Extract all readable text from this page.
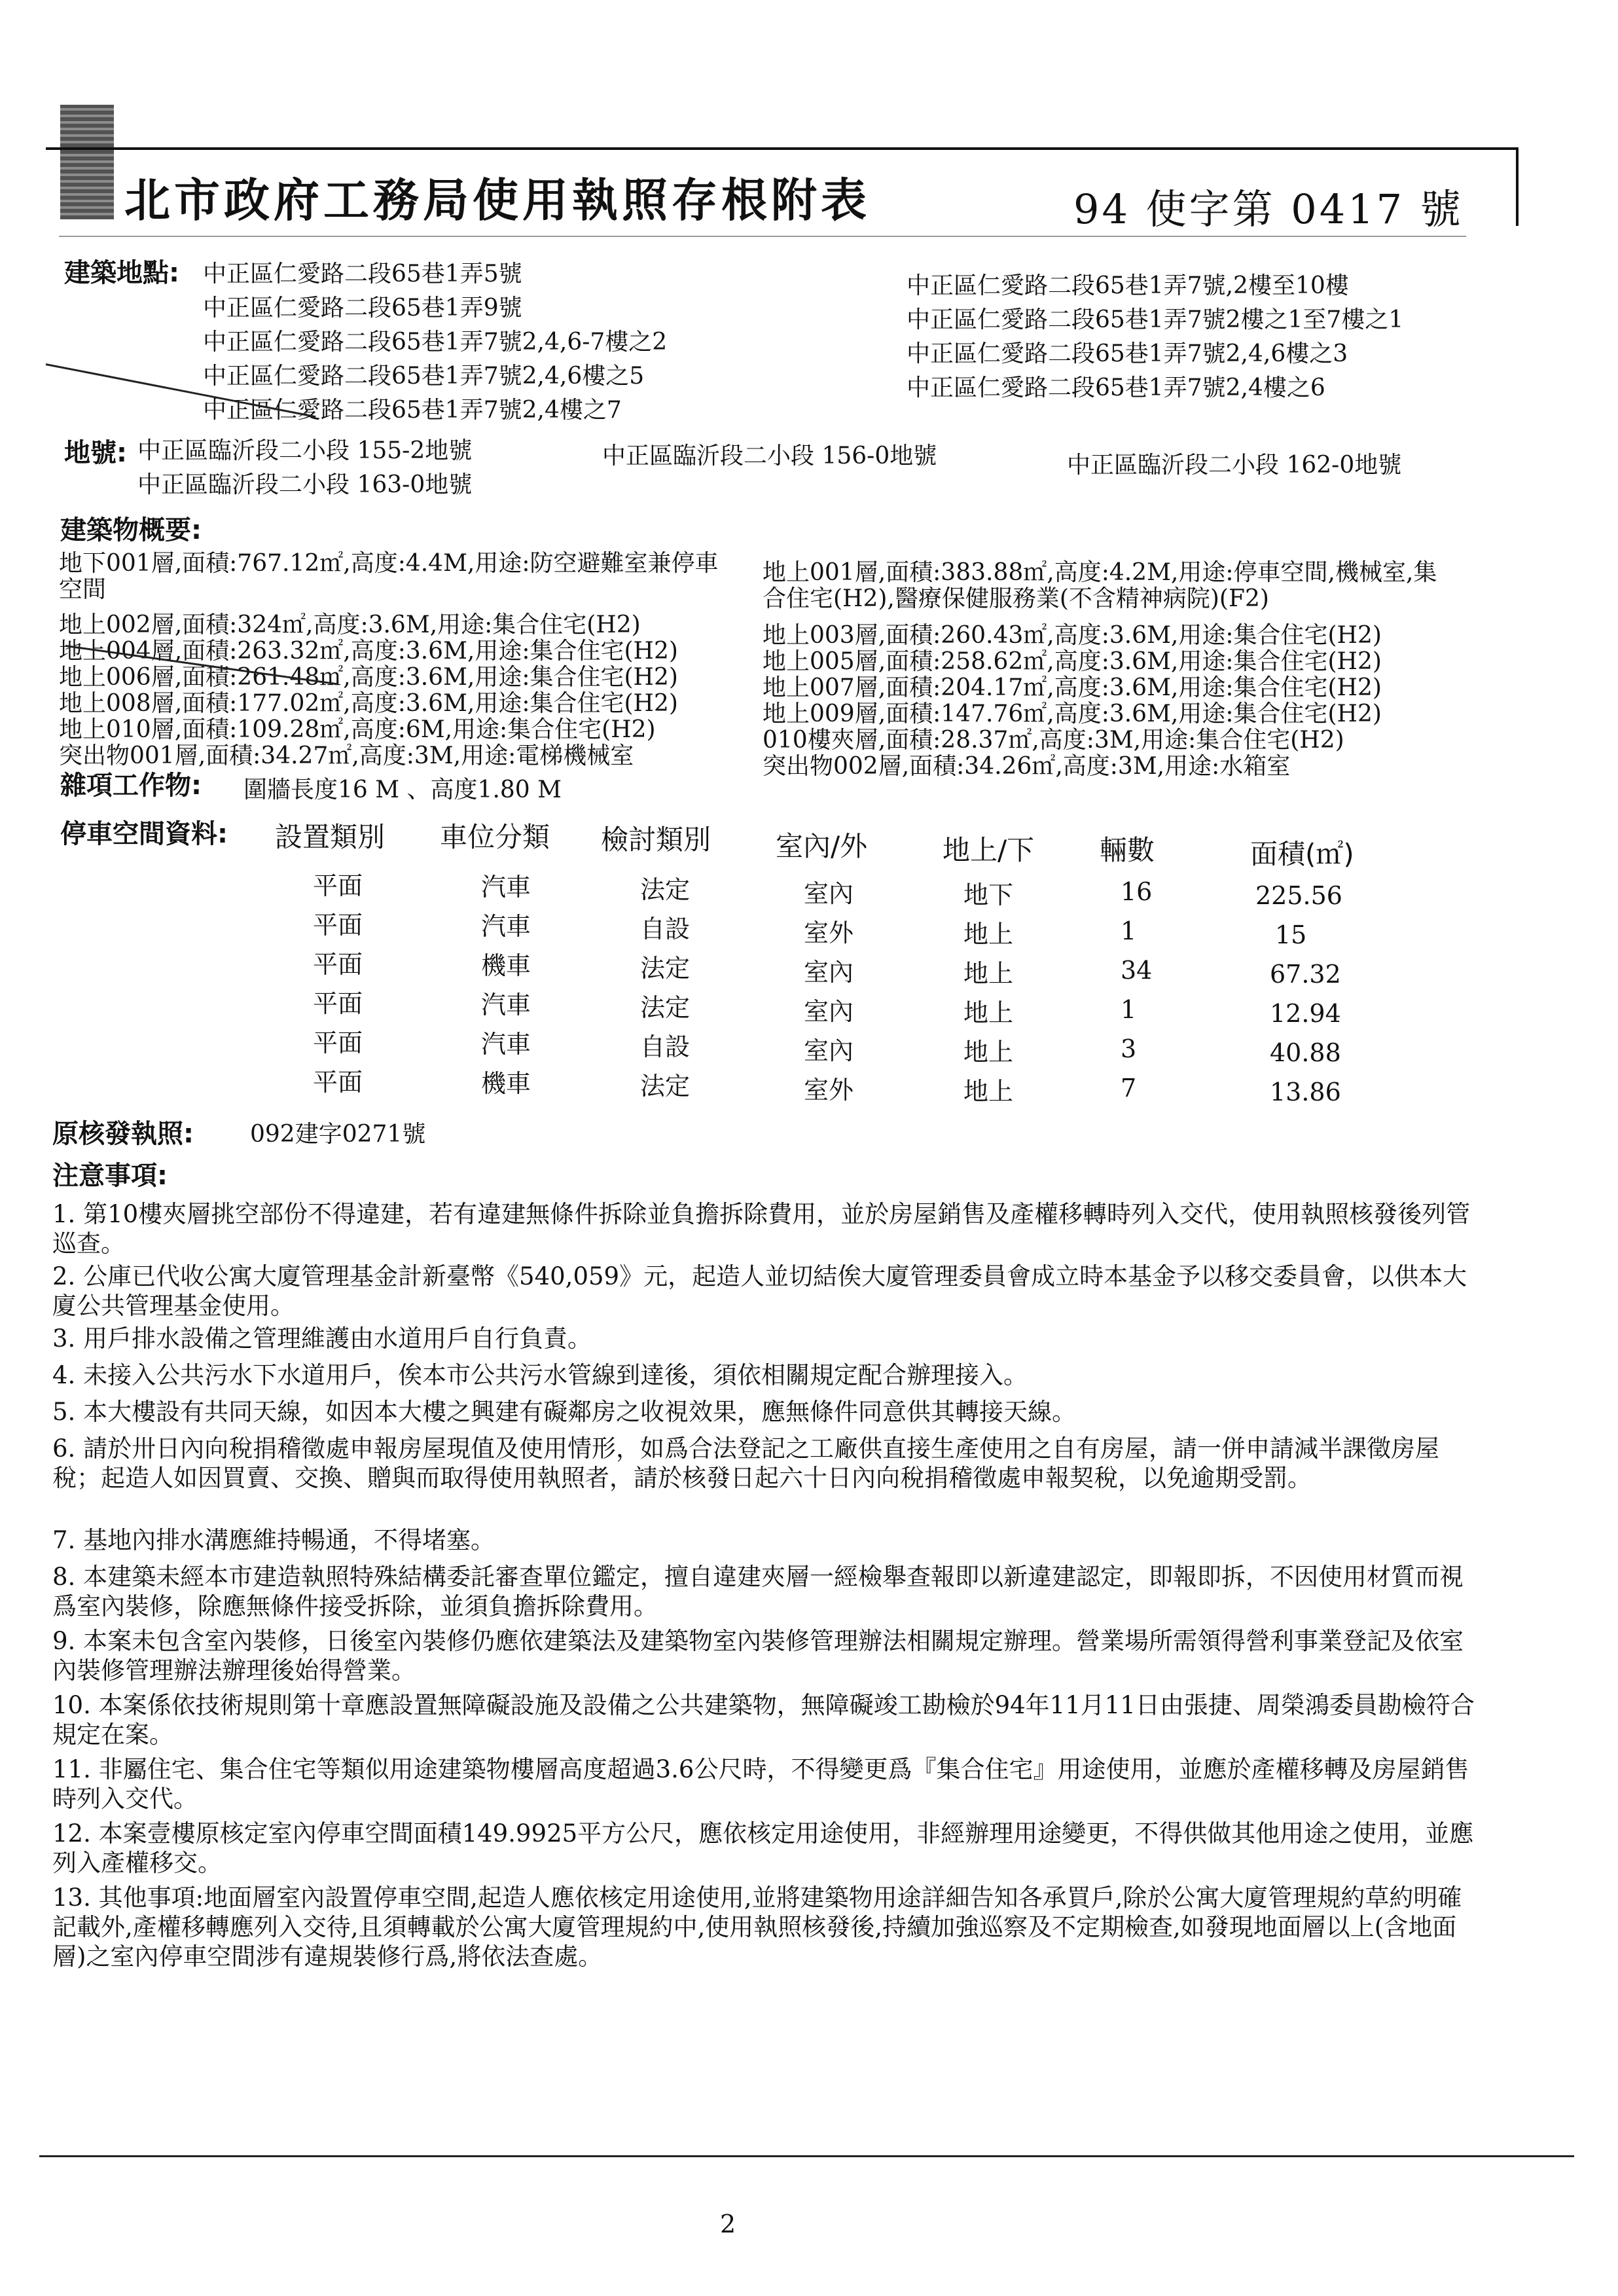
北市政府工務局使用執照存根附表	94 使字第 0417 號
建築地點: 中正區仁愛路二段65巷1弄5號
中正區仁愛路二段65巷1弄9號
中正區仁愛路二段65巷1弄7號2,4,6-7樓之2
中正區仁愛路二段65巷1弄7號2,4,6樓之5
中正區仁愛路二段65巷1弄7號2,4樓之7
中正區仁愛路二段65巷1弄7號,2樓至10樓
中正區仁愛路二段65巷1弄7號2樓之1至7樓之1
中正區仁愛路二段65巷1弄7號2,4,6樓之3
中正區仁愛路二段65巷1弄7號2,4樓之6
地號: 中正區臨沂段二小段 155-2地號	中正區臨沂段二小段 156-0地號	中正區臨沂段二小段 162-0地號
中正區臨沂段二小段 163-0地號
建築物概要:
地下001層,面積:767.12㎡,高度:4.4M,用途:防空避難室兼停車
空間
地上002層,面積:324㎡,高度:3.6M,用途:集合住宅(H2)
地上004層,面積:263.32㎡,高度:3.6M,用途:集合住宅(H2)
地上006層,面積:261.48㎡,高度:3.6M,用途:集合住宅(H2)
地上008層,面積:177.02㎡,高度:3.6M,用途:集合住宅(H2)
地上010層,面積:109.28㎡,高度:6M,用途:集合住宅(H2)
突出物001層,面積:34.27㎡,高度:3M,用途:電梯機械室
地上001層,面積:383.88㎡,高度:4.2M,用途:停車空間,機械室,集
合住宅(H2),醫療保健服務業(不含精神病院)(F2)
地上003層,面積:260.43㎡,高度:3.6M,用途:集合住宅(H2)
地上005層,面積:258.62㎡,高度:3.6M,用途:集合住宅(H2)
地上007層,面積:204.17㎡,高度:3.6M,用途:集合住宅(H2)
地上009層,面積:147.76㎡,高度:3.6M,用途:集合住宅(H2)
010樓夾層,面積:28.37㎡,高度:3M,用途:集合住宅(H2)
突出物002層,面積:34.26㎡,高度:3M,用途:水箱室
雜項工作物: 圍牆長度16 M 、高度1.80 M
停車空間資料: 設置類別 車位分類 檢討類別 室內/外	地上/下 輛數	面積(㎡)
平面	汽車	法定	室內	地下	16	225.56
平面	汽車	自設	室外	地上	1	15
平面	機車	法定	室內	地上	34	67.32
平面	汽車	法定	室內	地上	1	12.94
平面	汽車	自設	室內	地上	3	40.88
平面	機車	法定	室外	地上	7	13.86
原核發執照: 092建字0271號
注意事項:
1. 第10樓夾層挑空部份不得違建，若有違建無條件拆除並負擔拆除費用，並於房屋銷售及產權移轉時列入交代，使用執照核發後列管巡查。
2. 公庫已代收公寓大廈管理基金計新臺幣《540,059》元，起造人並切結俟大廈管理委員會成立時本基金予以移交委員會，以供本大廈公共管理基金使用。
3. 用戶排水設備之管理維護由水道用戶自行負責。
4. 未接入公共污水下水道用戶，俟本市公共污水管線到達後，須依相關規定配合辦理接入。
5. 本大樓設有共同天線，如因本大樓之興建有礙鄰房之收視效果，應無條件同意供其轉接天線。
6. 請於卅日內向稅捐稽徵處申報房屋現值及使用情形，如爲合法登記之工廠供直接生產使用之自有房屋，請一併申請減半課徵房屋稅；起造人如因買賣、交換、贈與而取得使用執照者，請於核發日起六十日內向稅捐稽徵處申報契稅，以免逾期受罰。
7. 基地內排水溝應維持暢通，不得堵塞。
8. 本建築未經本市建造執照特殊結構委託審查單位鑑定，擅自違建夾層一經檢舉查報即以新違建認定，即報即拆，不因使用材質而視爲室內裝修，除應無條件接受拆除，並須負擔拆除費用。
9. 本案未包含室內裝修，日後室內裝修仍應依建築法及建築物室內裝修管理辦法相關規定辦理。營業場所需領得營利事業登記及依室內裝修管理辦法辦理後始得營業。
10. 本案係依技術規則第十章應設置無障礙設施及設備之公共建築物，無障礙竣工勘檢於94年11月11日由張捷、周榮鴻委員勘檢符合規定在案。
11. 非屬住宅、集合住宅等類似用途建築物樓層高度超過3.6公尺時，不得變更爲『集合住宅』用途使用，並應於產權移轉及房屋銷售時列入交代。
12. 本案壹樓原核定室內停車空間面積149.9925平方公尺，應依核定用途使用，非經辦理用途變更，不得供做其他用途之使用，並應列入產權移交。
13. 其他事項:地面層室內設置停車空間,起造人應依核定用途使用,並將建築物用途詳細告知各承買戶,除於公寓大廈管理規約草約明確記載外,產權移轉應列入交待,且須轉載於公寓大廈管理規約中,使用執照核發後,持續加強巡察及不定期檢查,如發現地面層以上(含地面層)之室內停車空間涉有違規裝修行爲,將依法查處。
2
